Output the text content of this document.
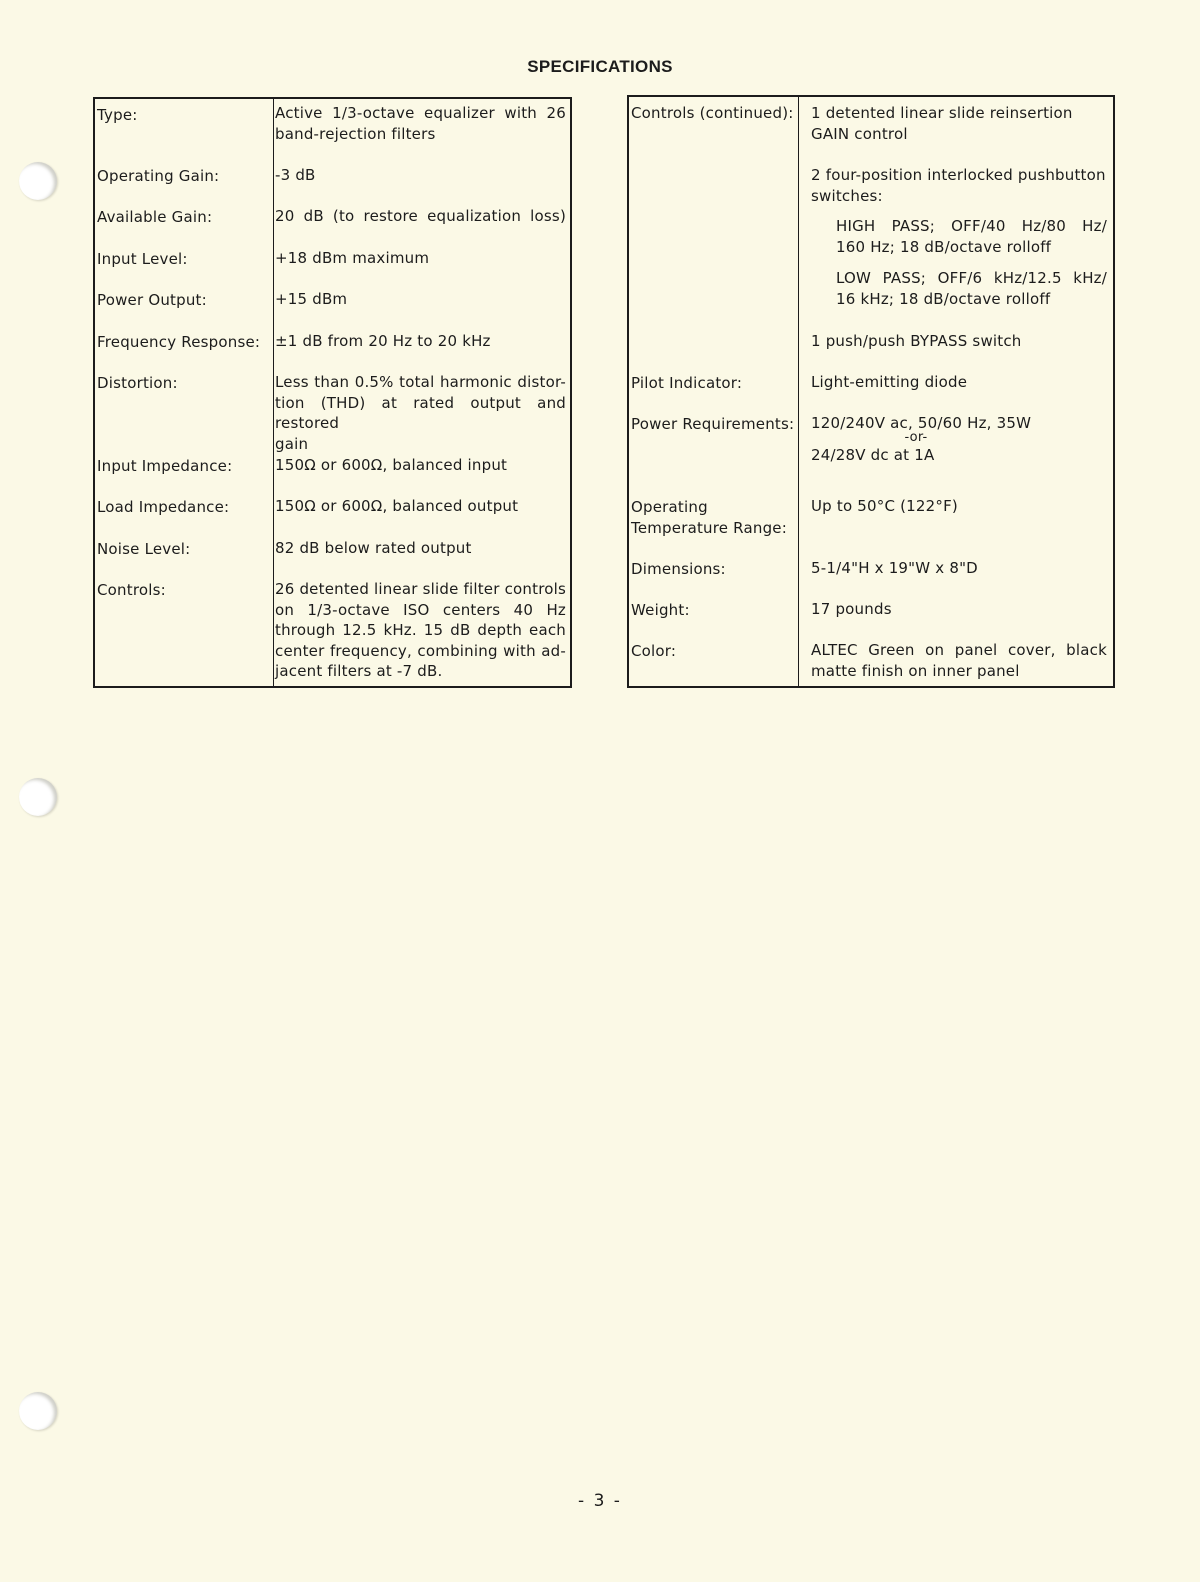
SPECIFICATIONS
Type:	Active 1/3-octave equalizer with 26
band-rejection filters
Operating Gain:	-3 dB
Available Gain:	20 dB (to restore equalization loss)
Input Level:	+18 dBm maximum
Power Output:	+15 dBm
Frequency Response: ±1 dB from 20 Hz to 20 kHz
Distortion:	Less than 0.5% total harmonic distor-
tion (THD) at rated output and restored
gain
Input Impedance:	150Ω or 600Ω, balanced input
Load Impedance:	150Ω or 600Ω, balanced output
Noise Level:	82 dB below rated output
Controls:	26 detented linear slide filter controls
on 1/3-octave ISO centers 40 Hz
through 12.5 kHz. 15 dB depth each
center frequency, combining with ad-
jacent filters at -7 dB.
Controls (continued):	1 detented linear slide reinsertion
GAIN control
2 four-position interlocked pushbutton
switches:
HIGH PASS; OFF/40 Hz/80 Hz/
160 Hz; 18 dB/octave rolloff
LOW PASS; OFF/6 kHz/12.5 kHz/
16 kHz; 18 dB/octave rolloff
1 push/push BYPASS switch
Pilot Indicator:	Light-emitting diode
Power Requirements:	120/240V ac, 50/60 Hz, 35W
-or-
24/28V dc at 1A
Operating
Temperature Range:
Up to 50°C (122°F)
Dimensions:	5-1/4"H x 19"W x 8"D
Weight:	17 pounds
Color:	ALTEC Green on panel cover, black
matte finish on inner panel
- 3 -
